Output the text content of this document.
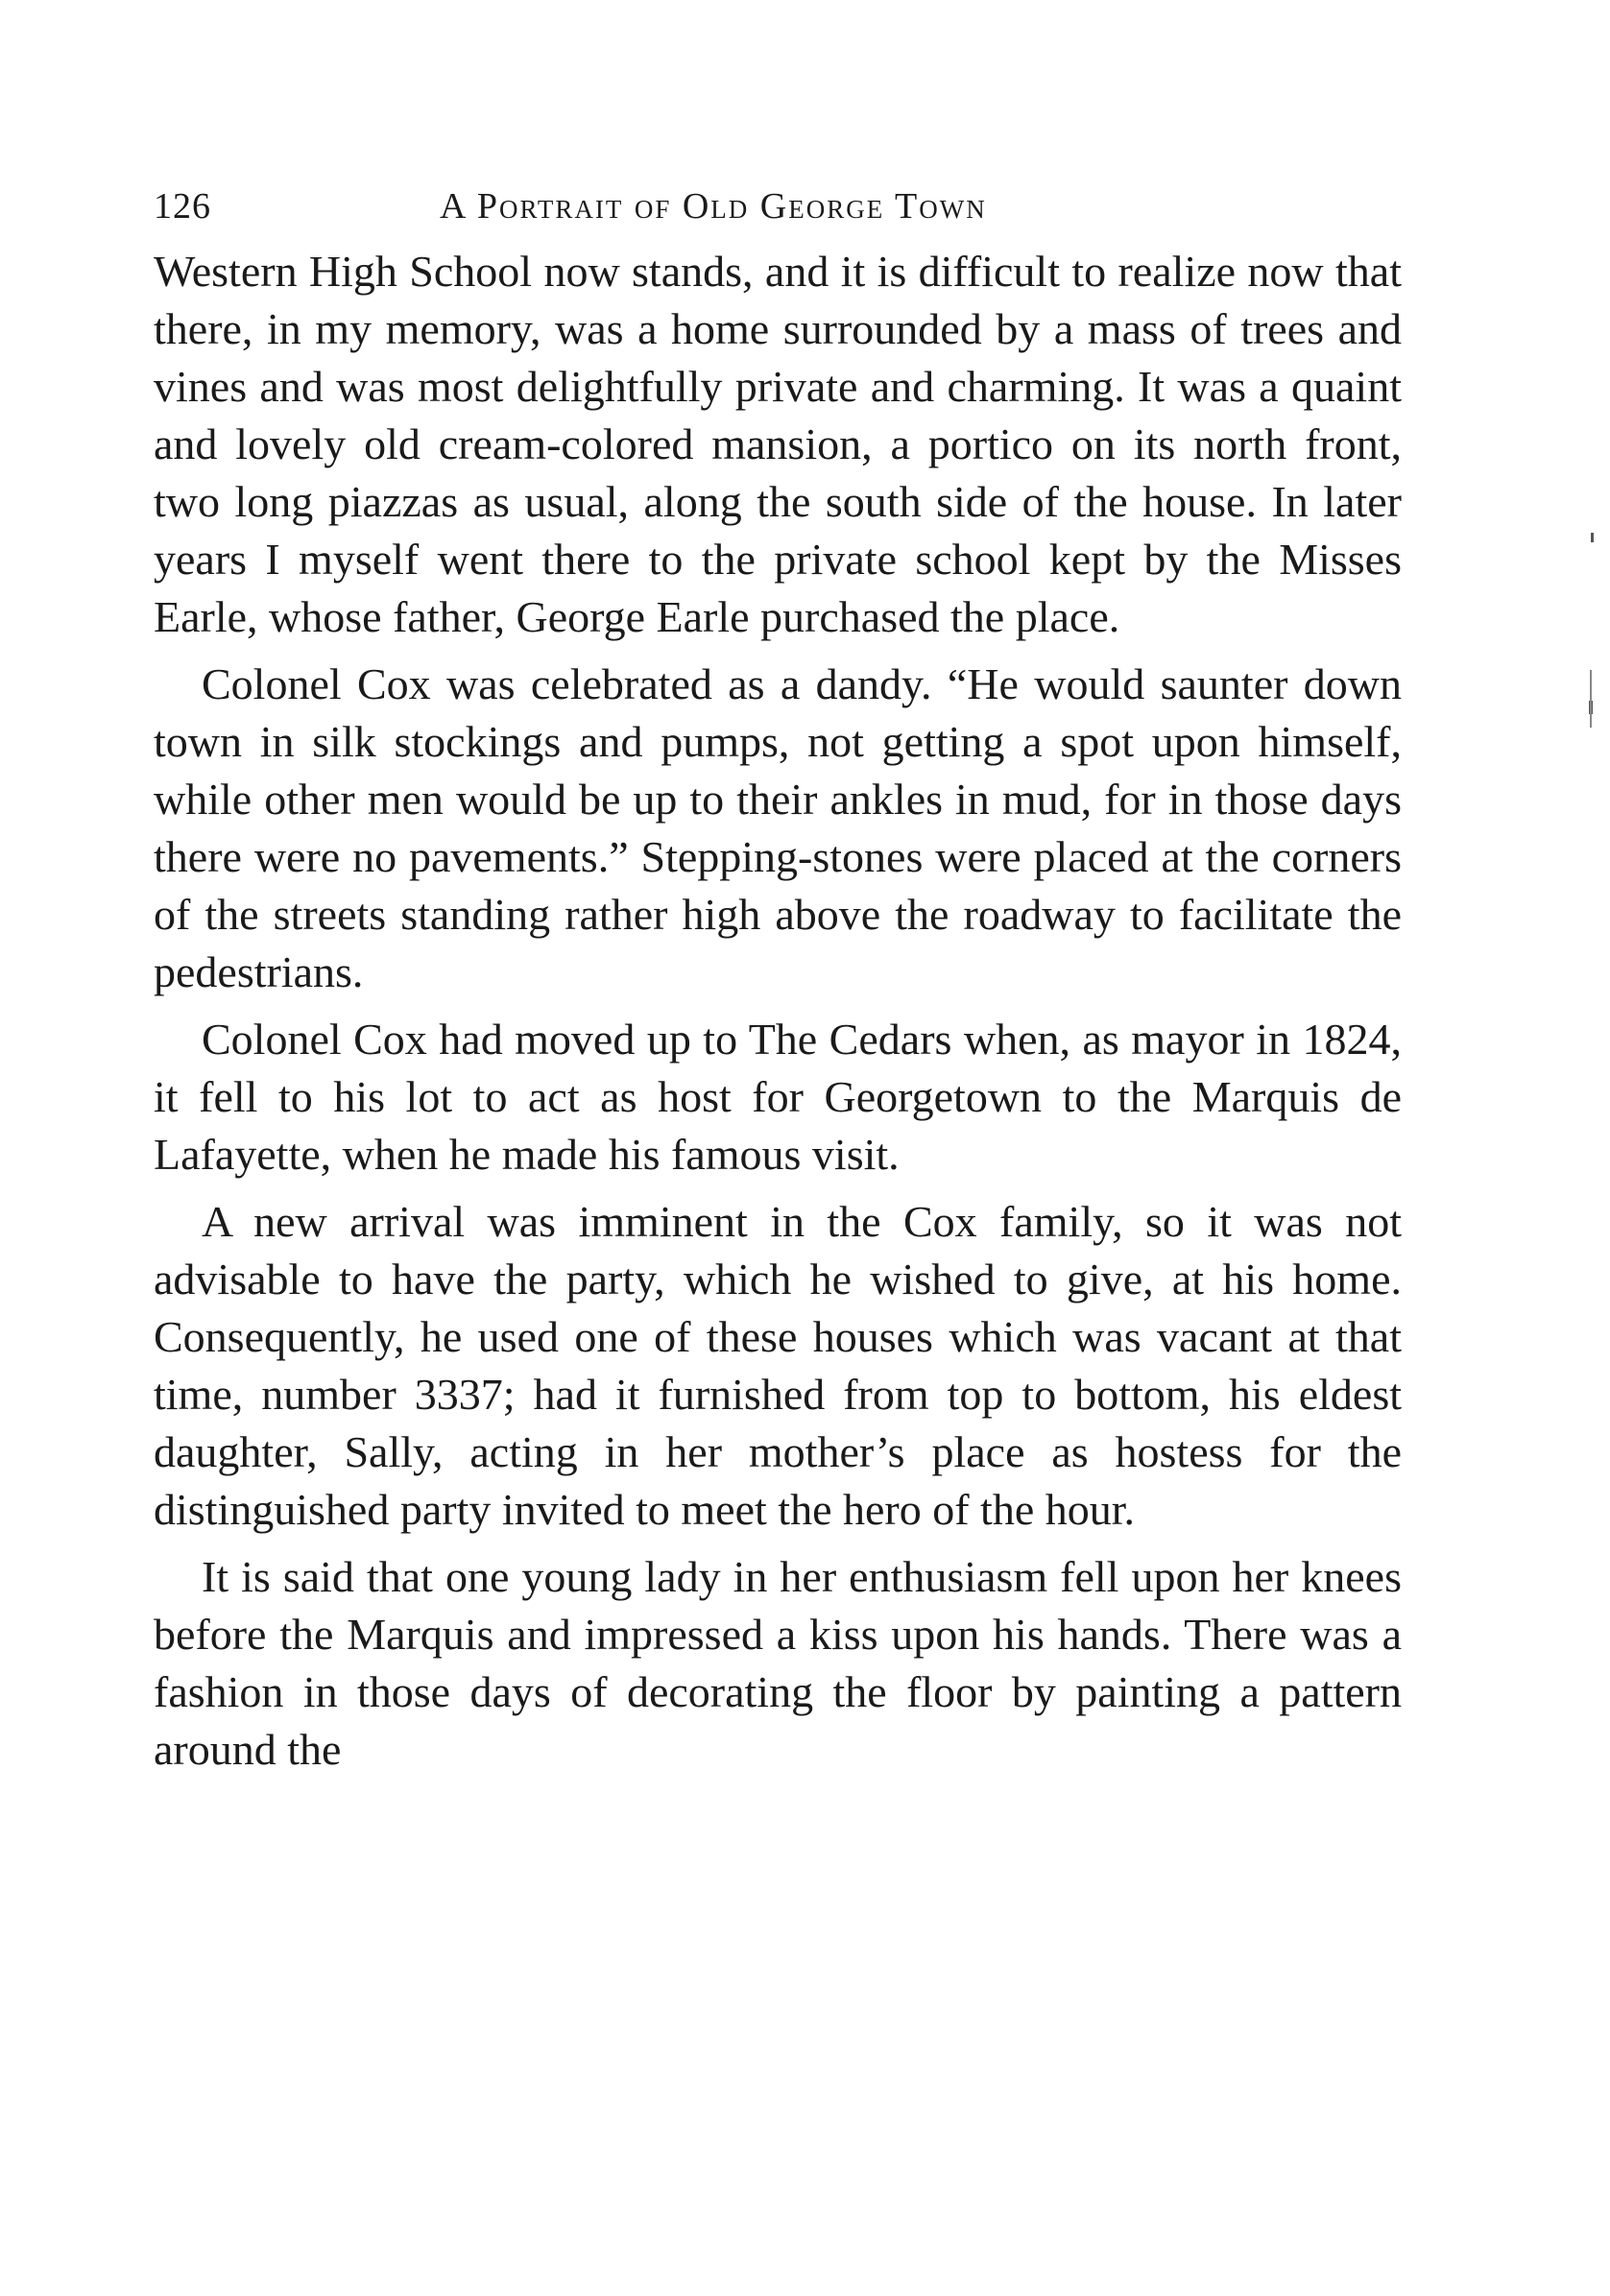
126	A Portrait of Old George Town

Western High School now stands, and it is difficult to realize now that there, in my memory, was a home surrounded by a mass of trees and vines and was most delightfully private and charming. It was a quaint and lovely old cream-colored mansion, a portico on its north front, two long piazzas as usual, along the south side of the house. In later years I myself went there to the private school kept by the Misses Earle, whose father, George Earle purchased the place.

Colonel Cox was celebrated as a dandy. “He would saunter down town in silk stockings and pumps, not getting a spot upon himself, while other men would be up to their ankles in mud, for in those days there were no pavements.” Stepping-stones were placed at the corners of the streets standing rather high above the roadway to facilitate the pedestrians.

Colonel Cox had moved up to The Cedars when, as mayor in 1824, it fell to his lot to act as host for Georgetown to the Marquis de Lafayette, when he made his famous visit.

A new arrival was imminent in the Cox family, so it was not advisable to have the party, which he wished to give, at his home. Consequently, he used one of these houses which was vacant at that time, number 3337; had it furnished from top to bottom, his eldest daughter, Sally, acting in her mother’s place as hostess for the distinguished party invited to meet the hero of the hour.

It is said that one young lady in her enthusiasm fell upon her knees before the Marquis and impressed a kiss upon his hands. There was a fashion in those days of decorating the floor by painting a pattern around the
